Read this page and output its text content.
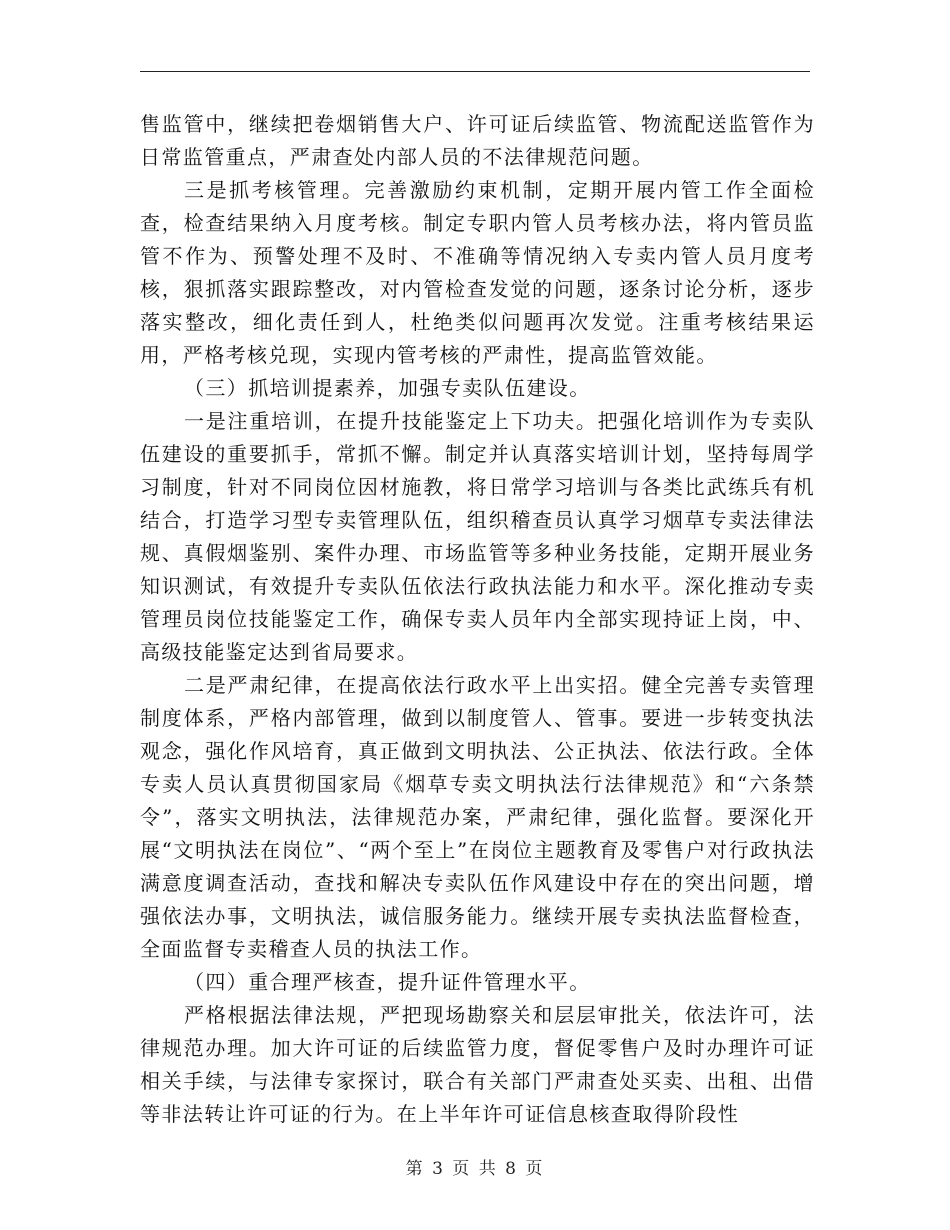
售监管中，继续把卷烟销售大户、许可证后续监管、物流配送监管作为日常监管重点，严肃查处内部人员的不法律规范问题。

三是抓考核管理。完善激励约束机制，定期开展内管工作全面检查，检查结果纳入月度考核。制定专职内管人员考核办法，将内管员监管不作为、预警处理不及时、不准确等情况纳入专卖内管人员月度考核，狠抓落实跟踪整改，对内管检查发觉的问题，逐条讨论分析，逐步落实整改，细化责任到人，杜绝类似问题再次发觉。注重考核结果运用，严格考核兑现，实现内管考核的严肃性，提高监管效能。

（三）抓培训提素养，加强专卖队伍建设。

一是注重培训，在提升技能鉴定上下功夫。把强化培训作为专卖队伍建设的重要抓手，常抓不懈。制定并认真落实培训计划，坚持每周学习制度，针对不同岗位因材施教，将日常学习培训与各类比武练兵有机结合，打造学习型专卖管理队伍，组织稽查员认真学习烟草专卖法律法规、真假烟鉴别、案件办理、市场监管等多种业务技能，定期开展业务知识测试，有效提升专卖队伍依法行政执法能力和水平。深化推动专卖管理员岗位技能鉴定工作，确保专卖人员年内全部实现持证上岗，中、高级技能鉴定达到省局要求。

二是严肃纪律，在提高依法行政水平上出实招。健全完善专卖管理制度体系，严格内部管理，做到以制度管人、管事。要进一步转变执法观念，强化作风培育，真正做到文明执法、公正执法、依法行政。全体专卖人员认真贯彻国家局《烟草专卖文明执法行法律规范》和“六条禁令”，落实文明执法，法律规范办案，严肃纪律，强化监督。要深化开展“文明执法在岗位”、“两个至上”在岗位主题教育及零售户对行政执法满意度调查活动，查找和解决专卖队伍作风建设中存在的突出问题，增强依法办事，文明执法，诚信服务能力。继续开展专卖执法监督检查，全面监督专卖稽查人员的执法工作。

（四）重合理严核查，提升证件管理水平。

严格根据法律法规，严把现场勘察关和层层审批关，依法许可，法律规范办理。加大许可证的后续监管力度，督促零售户及时办理许可证相关手续，与法律专家探讨，联合有关部门严肃查处买卖、出租、出借等非法转让许可证的行为。在上半年许可证信息核查取得阶段性

第 3 页 共 8 页
